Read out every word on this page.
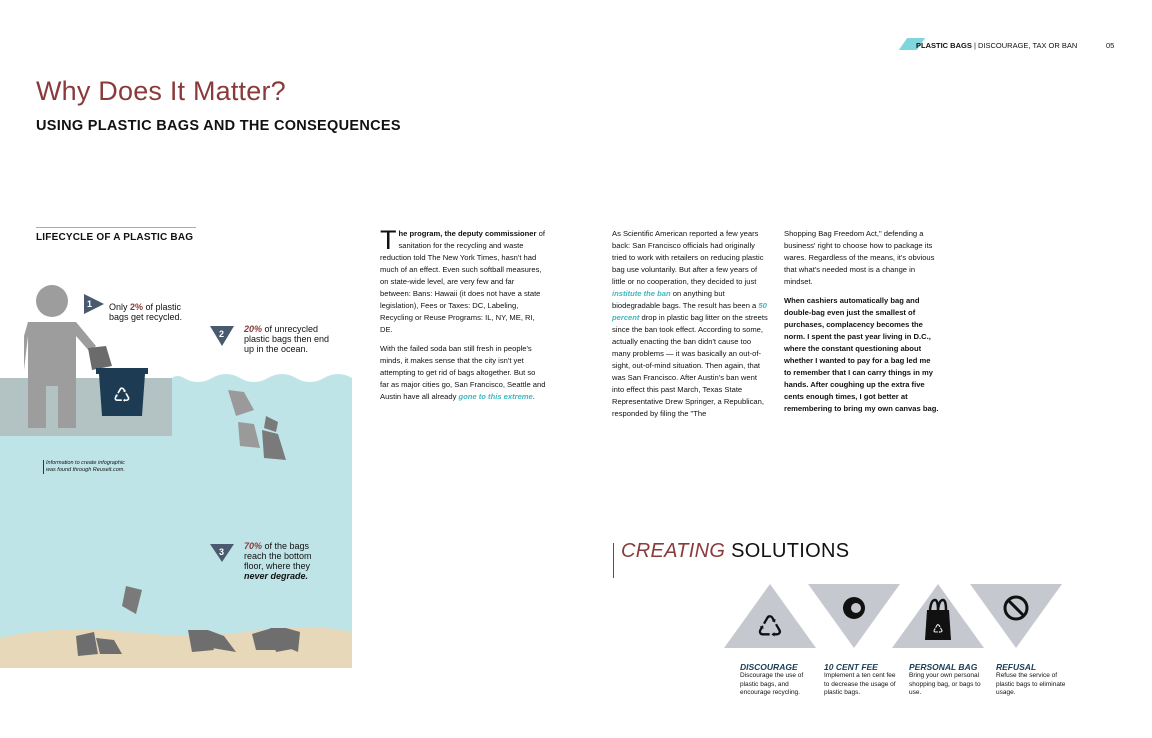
PLASTIC BAGS | DISCOURAGE, TAX OR BAN	05
Why Does It Matter?
USING PLASTIC BAGS AND THE CONSEQUENCES
LIFECYCLE OF A PLASTIC BAG
♺
1
2
3
Only 2% of plastic bags get recycled.
20% of unrecycled plastic bags then end up in the ocean.
70% of the bags reach the bottom floor, where they never degrade.
Information to create infographic was found through Reuseit.com.

The program, the deputy commissioner of sanitation for the recycling and waste reduction told The New York Times, hasn't had much of an effect. Even such softball measures, on state-wide level, are very few and far between: Bans: Hawaii (it does not have a state legislation), Fees or Taxes: DC, Labeling, Recycling or Reuse Programs: IL, NY, ME, RI, DE.

With the failed soda ban still fresh in people's minds, it makes sense that the city isn't yet attempting to get rid of bags altogether. But so far as major cities go, San Francisco, Seattle and Austin have all already gone to this extreme.

As Scientific American reported a few years back: San Francisco officials had originally tried to work with retailers on reducing plastic bag use voluntarily. But after a few years of little or no cooperation, they decided to just institute the ban on anything but biodegradable bags. The result has been a 50 percent drop in plastic bag litter on the streets since the ban took effect. According to some, actually enacting the ban didn't cause too many problems — it was basically an out-of-sight, out-of-mind situation. Then again, that was San Francisco. After Austin's ban went into effect this past March, Texas State Representative Drew Springer, a Republican, responded by filing the "The

Shopping Bag Freedom Act," defending a business' right to choose how to package its wares. Regardless of the means, it's obvious that what's needed most is a change in mindset.

When cashiers automatically bag and double-bag even just the smallest of purchases, complacency becomes the norm. I spent the past year living in D.C., where the constant questioning about whether I wanted to pay for a bag led me to remember that I can carry things in my hands. After coughing up the extra five cents enough times, I got better at remembering to bring my own canvas bag.

CREATING SOLUTIONS
♺	♺
DISCOURAGE
Discourage the use of plastic bags, and encourage recycling.
10 CENT FEE
Implement a ten cent fee to decrease the usage of plastic bags.
PERSONAL BAG
Bring your own personal shopping bag, or bags to use.
REFUSAL
Refuse the service of plastic bags to eliminate usage.
